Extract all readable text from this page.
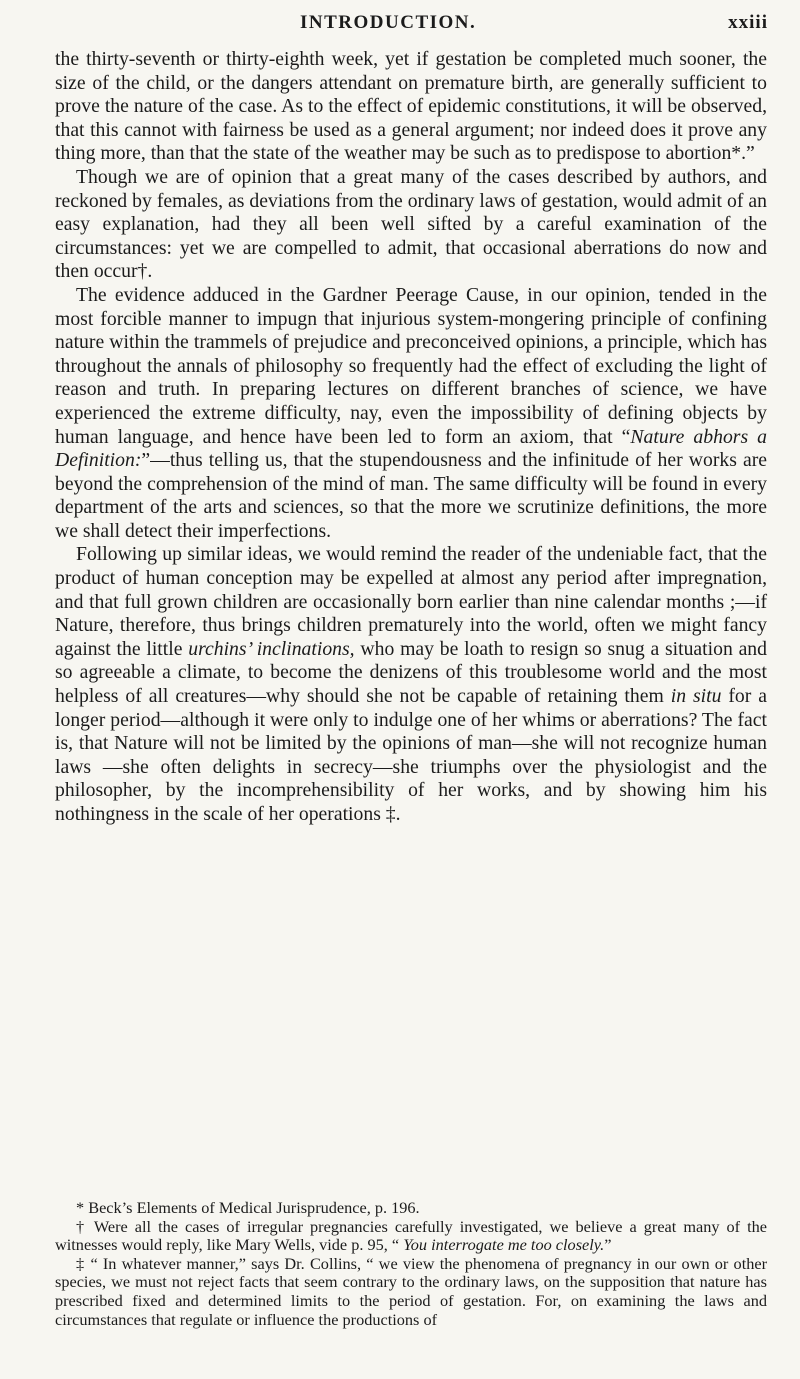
INTRODUCTION.	xxiii

the thirty-seventh or thirty-eighth week, yet if gestation be completed much sooner, the size of the child, or the dangers attendant on premature birth, are generally sufficient to prove the nature of the case. As to the effect of epidemic constitutions, it will be observed, that this cannot with fairness be used as a general argument; nor indeed does it prove any thing more, than that the state of the weather may be such as to predispose to abortion*.”

Though we are of opinion that a great many of the cases described by authors, and reckoned by females, as deviations from the ordinary laws of gestation, would admit of an easy explanation, had they all been well sifted by a careful examination of the circumstances: yet we are compelled to admit, that occasional aberrations do now and then occur†.

The evidence adduced in the Gardner Peerage Cause, in our opinion, tended in the most forcible manner to impugn that injurious system-mongering principle of confining nature within the trammels of prejudice and preconceived opinions, a principle, which has throughout the annals of philosophy so frequently had the effect of excluding the light of reason and truth. In preparing lectures on different branches of science, we have experienced the extreme difficulty, nay, even the impossibility of defining objects by human language, and hence have been led to form an axiom, that “Nature abhors a Definition:”—thus telling us, that the stupendousness and the infinitude of her works are beyond the comprehension of the mind of man. The same difficulty will be found in every department of the arts and sciences, so that the more we scrutinize definitions, the more we shall detect their imperfections.

Following up similar ideas, we would remind the reader of the undeniable fact, that the product of human conception may be expelled at almost any period after impregnation, and that full grown children are occasionally born earlier than nine calendar months ;—if Nature, therefore, thus brings children prematurely into the world, often we might fancy against the little urchins’ inclinations, who may be loath to resign so snug a situation and so agreeable a climate, to become the denizens of this troublesome world and the most helpless of all creatures—why should she not be capable of retaining them in situ for a longer period—although it were only to indulge one of her whims or aberrations? The fact is, that Nature will not be limited by the opinions of man—she will not recognize human laws —she often delights in secrecy—she triumphs over the physiologist and the philosopher, by the incomprehensibility of her works, and by showing him his nothingness in the scale of her operations ‡.

* Beck’s Elements of Medical Jurisprudence, p. 196.

† Were all the cases of irregular pregnancies carefully investigated, we believe a great many of the witnesses would reply, like Mary Wells, vide p. 95, “ You interrogate me too closely.”

‡ “ In whatever manner,” says Dr. Collins, “ we view the phenomena of pregnancy in our own or other species, we must not reject facts that seem contrary to the ordinary laws, on the supposition that nature has prescribed fixed and determined limits to the period of gestation. For, on examining the laws and circumstances that regulate or influence the productions of
